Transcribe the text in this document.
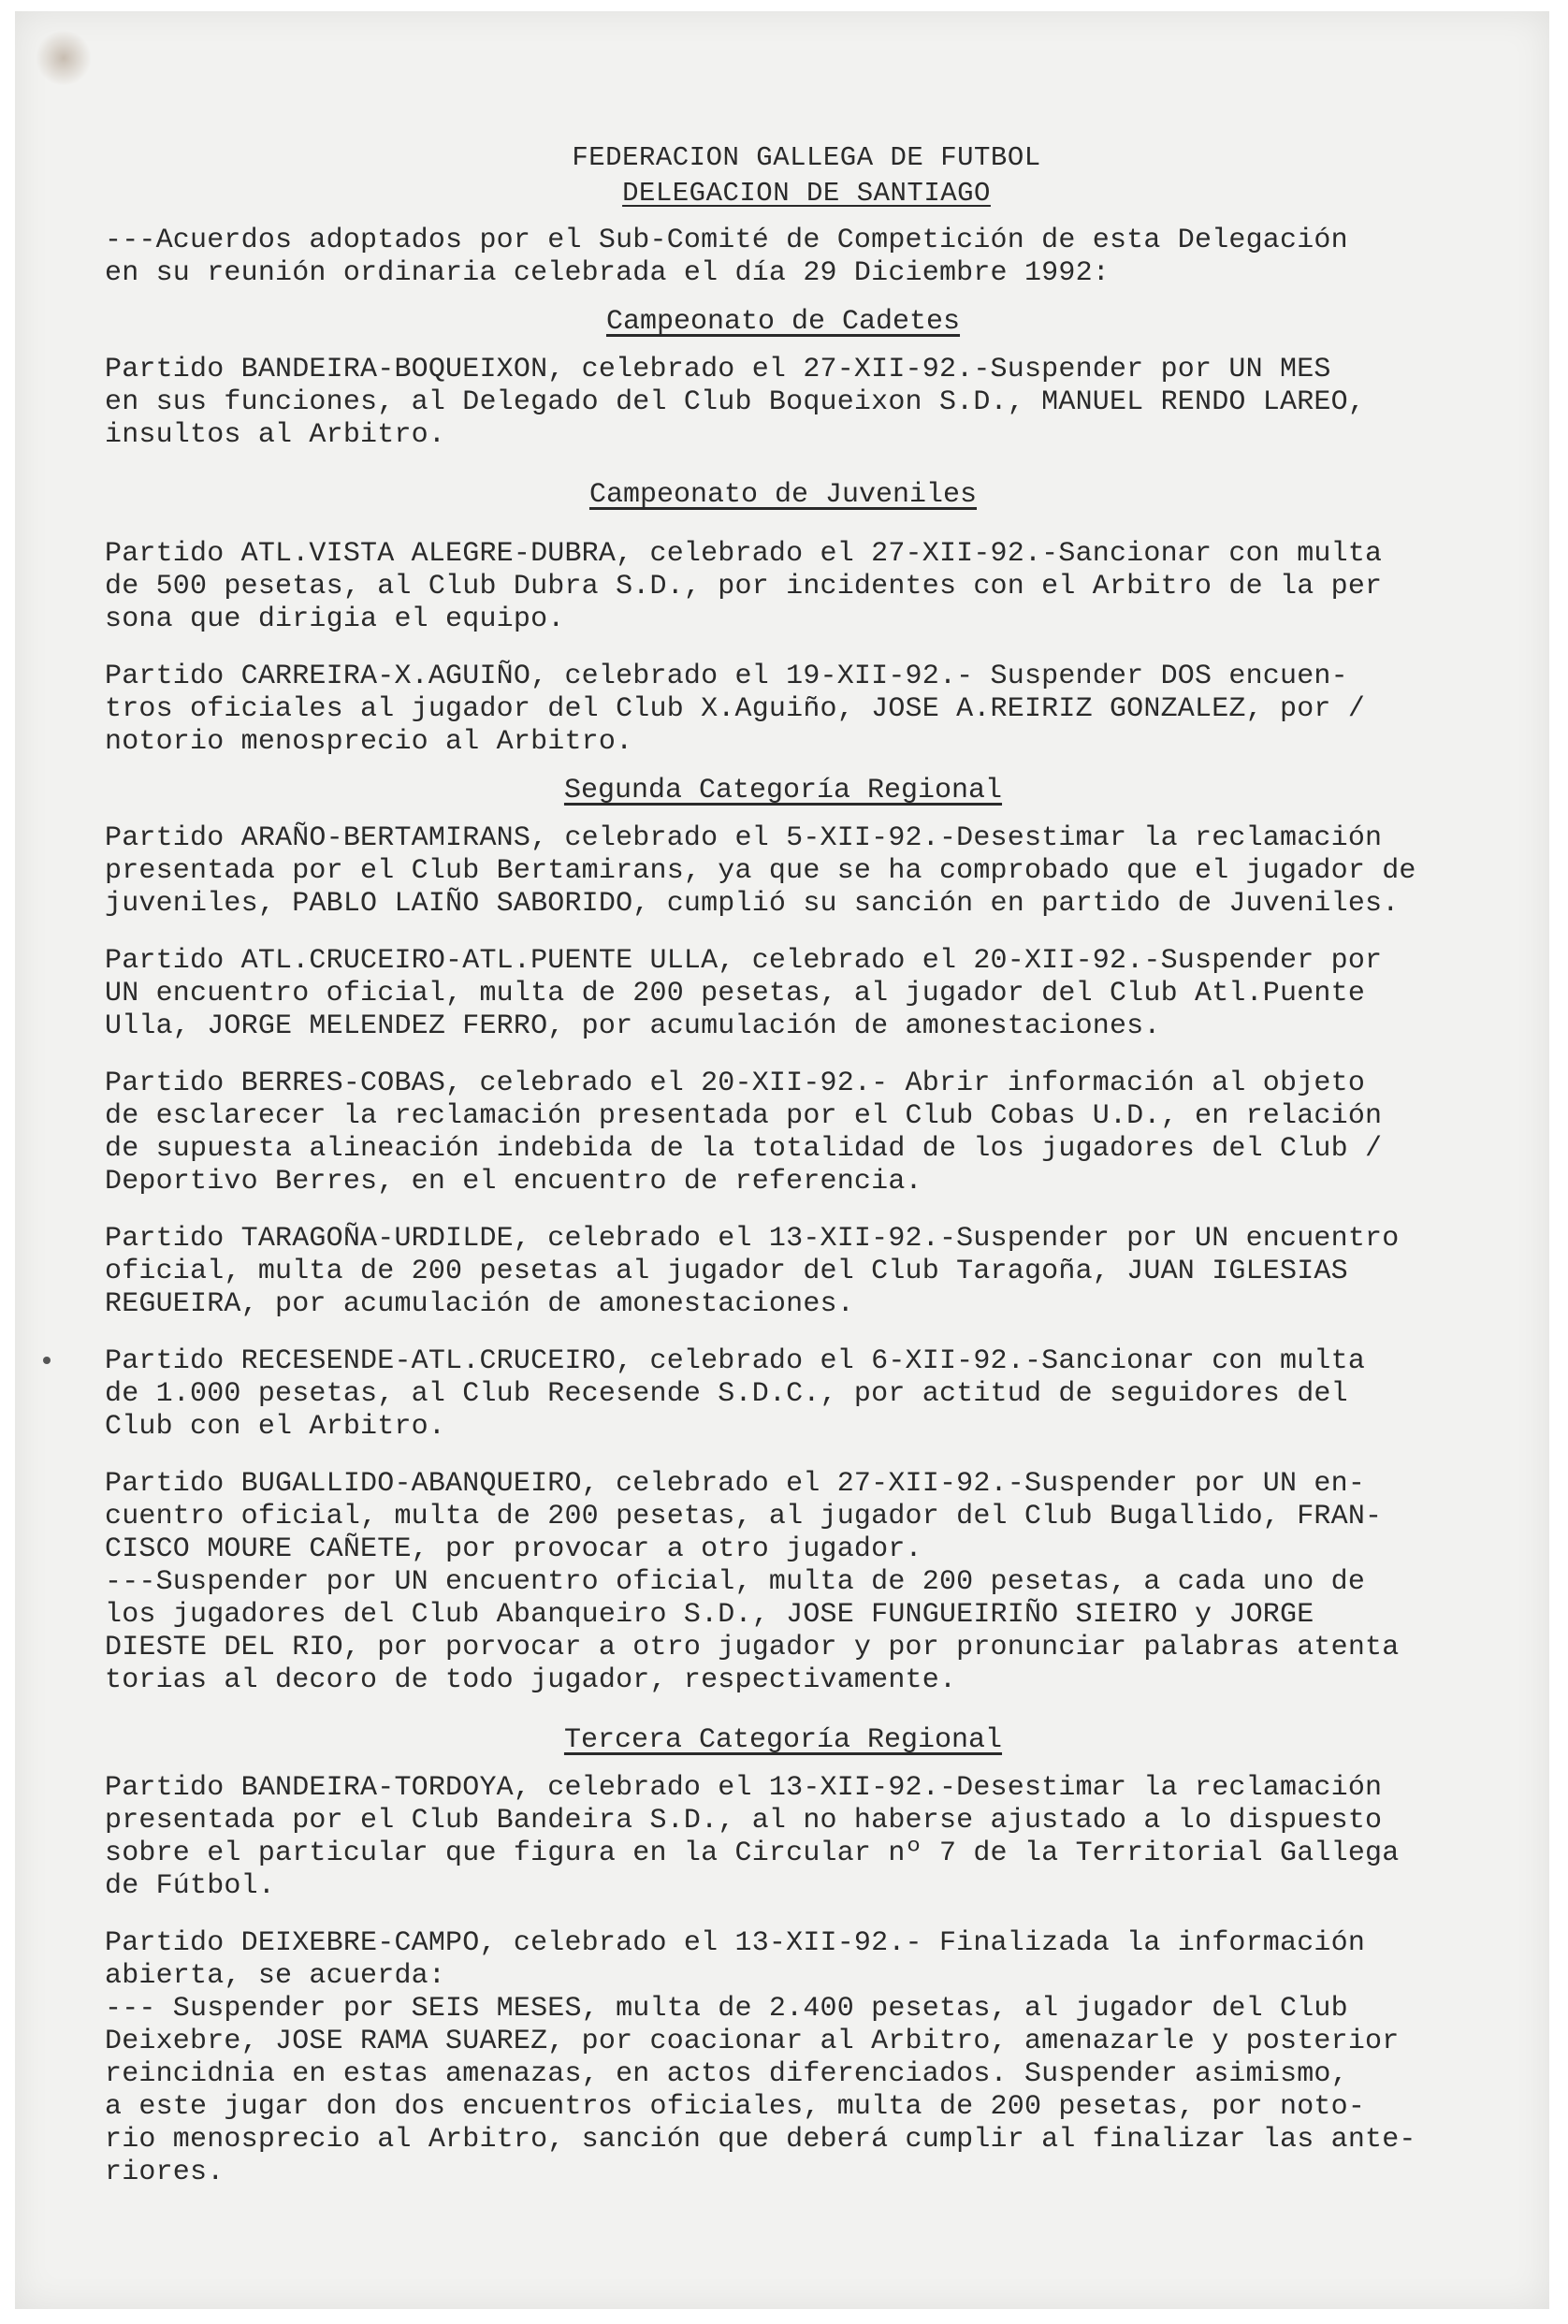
FEDERACION GALLEGA DE FUTBOL
DELEGACION DE SANTIAGO

---Acuerdos adoptados por el Sub-Comité de Competición de esta Delegación

en su reunión ordinaria celebrada el día 29 Diciembre 1992:

Campeonato de Cadetes

Partido BANDEIRA-BOQUEIXON, celebrado el 27-XII-92.-Suspender por UN MES

en sus funciones, al Delegado del Club Boqueixon S.D., MANUEL RENDO LAREO,

insultos al Arbitro.

Campeonato de Juveniles

Partido ATL.VISTA ALEGRE-DUBRA, celebrado el 27-XII-92.-Sancionar con multa

de 500 pesetas, al Club Dubra S.D., por incidentes con el Arbitro de la per

sona que dirigia el equipo.

Partido CARREIRA-X.AGUIÑO, celebrado el 19-XII-92.- Suspender DOS encuen-

tros oficiales al jugador del Club X.Aguiño, JOSE A.REIRIZ GONZALEZ, por /

notorio menosprecio al Arbitro.

Segunda Categoría Regional

Partido ARAÑO-BERTAMIRANS, celebrado el 5-XII-92.-Desestimar la reclamación

presentada por el Club Bertamirans, ya que se ha comprobado que el jugador de

juveniles, PABLO LAIÑO SABORIDO, cumplió su sanción en partido de Juveniles.

Partido ATL.CRUCEIRO-ATL.PUENTE ULLA, celebrado el 20-XII-92.-Suspender por

UN encuentro oficial, multa de 200 pesetas, al jugador del Club Atl.Puente

Ulla, JORGE MELENDEZ FERRO, por acumulación de amonestaciones.

Partido BERRES-COBAS, celebrado el 20-XII-92.- Abrir información al objeto

de esclarecer la reclamación presentada por el Club Cobas U.D., en relación

de supuesta alineación indebida de la totalidad de los jugadores del Club /

Deportivo Berres, en el encuentro de referencia.

Partido TARAGOÑA-URDILDE, celebrado el 13-XII-92.-Suspender por UN encuentro

oficial, multa de 200 pesetas al jugador del Club Taragoña, JUAN IGLESIAS

REGUEIRA, por acumulación de amonestaciones.

Partido RECESENDE-ATL.CRUCEIRO, celebrado el 6-XII-92.-Sancionar con multa

de 1.000 pesetas, al Club Recesende S.D.C., por actitud de seguidores del

Club con el Arbitro.

Partido BUGALLIDO-ABANQUEIRO, celebrado el 27-XII-92.-Suspender por UN en-

cuentro oficial, multa de 200 pesetas, al jugador del Club Bugallido, FRAN-

CISCO MOURE CAÑETE, por provocar a otro jugador.

---Suspender por UN encuentro oficial, multa de 200 pesetas, a cada uno de

los jugadores del Club Abanqueiro S.D., JOSE FUNGUEIRIÑO SIEIRO y JORGE

DIESTE DEL RIO, por porvocar a otro jugador y por pronunciar palabras atenta

torias al decoro de todo jugador, respectivamente.

Tercera Categoría Regional

Partido BANDEIRA-TORDOYA, celebrado el 13-XII-92.-Desestimar la reclamación

presentada por el Club Bandeira S.D., al no haberse ajustado a lo dispuesto

sobre el particular que figura en la Circular nº 7 de la Territorial Gallega

de Fútbol.

Partido DEIXEBRE-CAMPO, celebrado el 13-XII-92.- Finalizada la información

abierta, se acuerda:

--- Suspender por SEIS MESES, multa de 2.400 pesetas, al jugador del Club

Deixebre, JOSE RAMA SUAREZ, por coacionar al Arbitro, amenazarle y posterior

reincidnia en estas amenazas, en actos diferenciados. Suspender asimismo,

a este jugar don dos encuentros oficiales, multa de 200 pesetas, por noto-

rio menosprecio al Arbitro, sanción que deberá cumplir al finalizar las ante-

riores.
